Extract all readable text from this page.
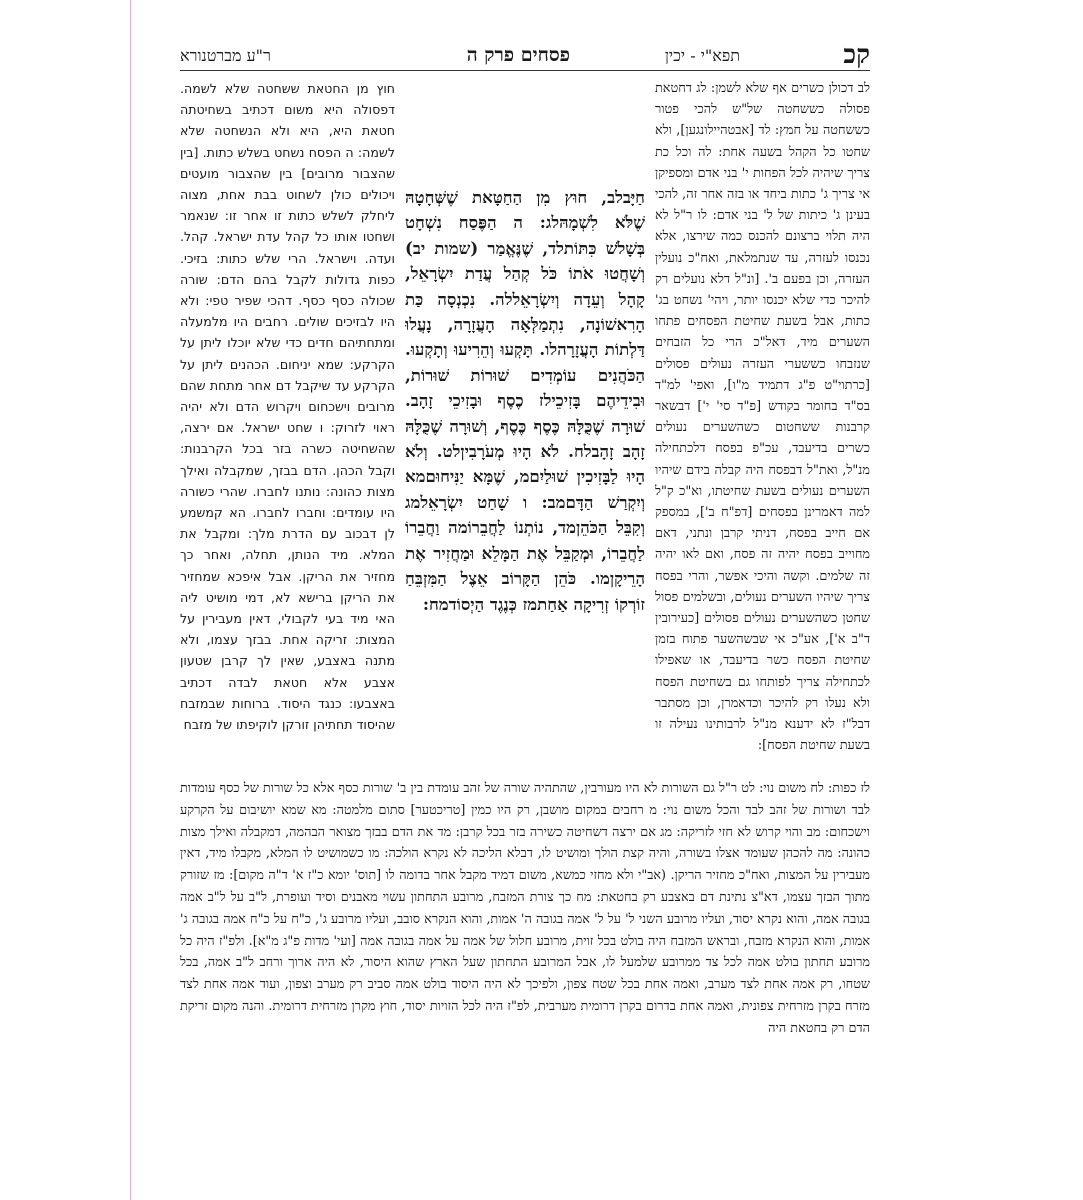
קכ
תפא"י - יכין
פסחים פרק ה
ר"ע מברטנורא

לב דכולן כשרים אף שלא לשמן: לג דחטאת פסולה כששחטה של"ש להכי פטור כששחטה על חמץ: לד [אבטהיילונגען], ולא שחטו כל הקהל בשעה אחת: לה וכל כת צריך שיהיה לכל הפחות י' בני אדם ומספיקן אי צריך ג' כתות ביחד או בזה אחר זה, להכי בעינן ג' כיתות של ל' בני אדם: לו ר"ל לא היה תלוי ברצונם להכנס כמה שירצו, אלא נכנסו לעזרה, עד שנתמלאת, ואח"כ נועלין העזרה, וכן בפעם ב'. [ונ"ל דלא נועלים רק להיכר כדי שלא יכנסו יותר, ויהי' נשחט בג' כתות, אבל בשעת שחיטת הפסחים פתחו השערים מיד, דאל"כ הרי כל הזבחים שנזבחו כששערי העזרה נעולים פסולים [כרתוי"ט פ"ג דתמיד מ"ו], ואפי' למ"ד בס"ד בחומר בקודש [פ"ד סי' י'] דבשאר קרבנות ששחטום כשהשערים נעולים כשרים בדיעבד, עכ"פ בפסח דלכתחילה מנ"ל, ואת"ל דבפסח היה קבלה בידם שיהיו השערים נעולים בשעת שחיטתו, וא"כ ק"ל למה דאמרינן בפסחים [דפ"ח ב'], במספק אם חייב בפסח, דניתי קרבן ונתני, דאם מחוייב בפסח יהיה זה פסח, ואם לאו יהיה זה שלמים. וקשה והיכי אפשר, והרי בפסח צריך שיהיו השערים נעולים, ובשלמים פסול שחטן כשהשערים נעולים פסולים [כעירובין ד"ב א'], אע"כ אי שבשהשער פתוח בזמן שחיטת הפסח כשר בדיעבד, או שאפילו לכתחילה צריך לפותחו גם בשחיטת הפסח ולא נעלו רק להיכר וכדאמרן, וכן מסתבר דבל"ז לא ידענא מנ"ל לרבותינו נעילה זו בשעת שחיטת הפסח]:

חַיָּבלב, חוּץ מִן הַחַטָּאת שֶׁשְּׁחָטָהּ שֶׁלֹּא לִשְׁמָהּלג: ה הַפֶּסַח נִשְׁחָט בְּשָׁלֹשׁ כִּתּוֹתלד, שֶׁנֶּאֱמַר (שמות יב) וְשָׁחֲטוּ אֹתוֹ כֹּל קְהַל עֲדַת יִשְׂרָאֵל, קָהָל וְעֵדָה וְיִשְׂרָאֵללה. נִכְנְסָה כַּת הָרִאשׁוֹנָה, נִתְמַלְּאָה הָעֲזָרָה, נָעֲלוּ דַּלְתוֹת הָעֲזָרָהלו. תָּקְעוּ וְהֵרִיעוּ וְתָקְעוּ. הַכֹּהֲנִים עוֹמְדִים שׁוּרוֹת שׁוּרוֹת, וּבִידֵיהֶם בָּזִיכֵילז כֶסֶף וּבָזִיכֵי זָהָב. שׁוּרָה שֶׁכֻּלָּהּ כֶּסֶף כֶּסֶף, וְשׁוּרָה שֶׁכֻּלָּהּ זָהָב זָהָבלח. לֹא הָיוּ מְעֹרָבִיןלט. וְלֹא הָיוּ לַבָּזִיכִין שׁוּלַיִםמ, שֶׁמָּא יַנִּיחוּםמא וְיִקְרַשׁ הַדָּםמב: ו שָׁחַט יִשְׂרָאֵלמג וְקִבֵּל הַכֹּהֵןמד, נוֹתְנוֹ לַחֲבֵרוֹמה וַחֲבֵרוֹ לַחֲבֵרוֹ, וּמְקַבֵּל אֶת הַמָּלֵא וּמַחֲזִיר אֶת הָרֵיקָןמו. כֹּהֵן הַקָּרוֹב אֵצֶל הַמִּזְבֵּחַ זוֹרְקוֹ זְרִיקָה אַחַתמז כְּנֶגֶד הַיְסוֹדמח:

חוץ מן החטאת ששחטה שלא לשמה. דפסולה היא משום דכתיב בשחיטתה חטאת היא, היא ולא הנשחטה שלא לשמה: ה הפסח נשחט בשלש כתות. [בין שהצבור מרובים] בין שהצבור מועטים ויכולים כולן לשחוט בבת אחת, מצוה ליחלק לשלש כתות זו אחר זו: שנאמר ושחטו אותו כל קהל עדת ישראל. קהל. ועדה. וישראל. הרי שלש כתות: בזיכי. כפות גדולות לקבל בהם הדם: שורה שכולה כסף כסף. דהכי שפיר טפי: ולא היו לבזיכים שולים. רחבים היו מלמעלה ומתחתיהם חדים כדי שלא יוכלו ליתן על הקרקע: שמא יניחום. הכהנים ליתן על הקרקע עד שיקבל דם אחר מתחת שהם מרובים וישכחום ויקרוש הדם ולא יהיה ראוי לזרוק: ו שחט ישראל. אם ירצה, שהשחיטה כשרה בזר בכל הקרבנות: וקבל הכהן. הדם בבזך, שמקבלה ואילך מצות כהונה: נותנו לחברו. שהרי כשורה היו עומדים: וחברו לחברו. הא קמשמע לן דבכוב עם הדרת מלך: ומקבל את המלא. מיד הנותן, תחלה, ואחר כך מחזיר את הריקן. אבל איפכא שמחזיר את הריקן ברישא לא, דמי מושיט ליה האי מיד בעי לקבולי, דאין מעבירין על המצות: זריקה אחת. בבזך עצמו, ולא מתנה באצבע, שאין לך קרבן שטעון אצבע אלא חטאת לבדה דכתיב באצבעו: כנגד היסוד. ברוחות שבמזבח שהיסוד תחתיהן זורקן לוקיפתו של מזבח

לז כפות: לח משום נוי: לט ר"ל גם השורות לא היו מעורבין, שהתהיה שורה של זהב עומדת בין ב' שורות כסף אלא כל שורות של כסף עומדות לבד ושורות של זהב לבד והכל משום נוי: מ רחבים במקום מושבן, רק היו כמין [טריכטער] סתום מלמטה: מא שמא יושיבום על הקרקע וישכחום: מב והוי קרוש לא חזי לזריקה: מג אם ירצה דשחיטה כשירה בזר בכל קרבן: מד את הדם בבזך מצואר הבהמה, דמקבלה ואילך מצות כהונה: מה להכהן שעומד אצלו בשורה, והיה קצת הולך ומושיט לו, דבלא הליכה לא נקרא הולכה: מו כשמושיט לו המלא, מקבלו מיד, דאין מעבירין על המצות, ואח"כ מחזיר הריקן. (אב"י ולא מחזי כמשא, משום דמיד מקבל אחר בדומה לו [תוס' יומא כ"ז א' ד"ה מקום]: מז שזורק מתוך הבזך עצמו, דא"צ נתינת דם באצבע רק בחטאת: מח כך צורת המזבח, מרובע התחתון עשוי מאבנים וסיד ועופרת, ל"ב על ל"ב אמה בגובה אמה, והוא נקרא יסוד, ועליו מרובע השני ל' על ל' אמה בגובה ה' אמות, והוא הנקרא סובב, ועליו מרובע ג', כ"ח על כ"ח אמה בגובה ג' אמות, והוא הנקרא מזבח, ובראש המזבח היה בולט בכל זוית, מרובע חלול של אמה על אמה בגובה אמה [ועי' מדות פ"ג מ"א]. ולפ"ז היה כל מרובע תחתון בולט אמה לכל צד ממרובע שלמעל לו, אבל המרובע התחתון שעל הארץ שהוא היסוד, לא היה ארוך ורחב ל"ב אמה, בכל שטחו, רק אמה אחת לצד מערב, ואמה אחת בכל שטח צפון, ולפיכך לא היה היסוד בולט אמה סביב רק מערב וצפון, ועוד אמה אחת לצד מזרח בקרן מזרחית צפונית, ואמה אחת בדרום בקרן דרומית מערבית, לפ"ז היה לכל הזויות יסוד, חוץ מקרן מזרחית דרומית. והנה מקום זריקת הדם רק בחטאת היה
